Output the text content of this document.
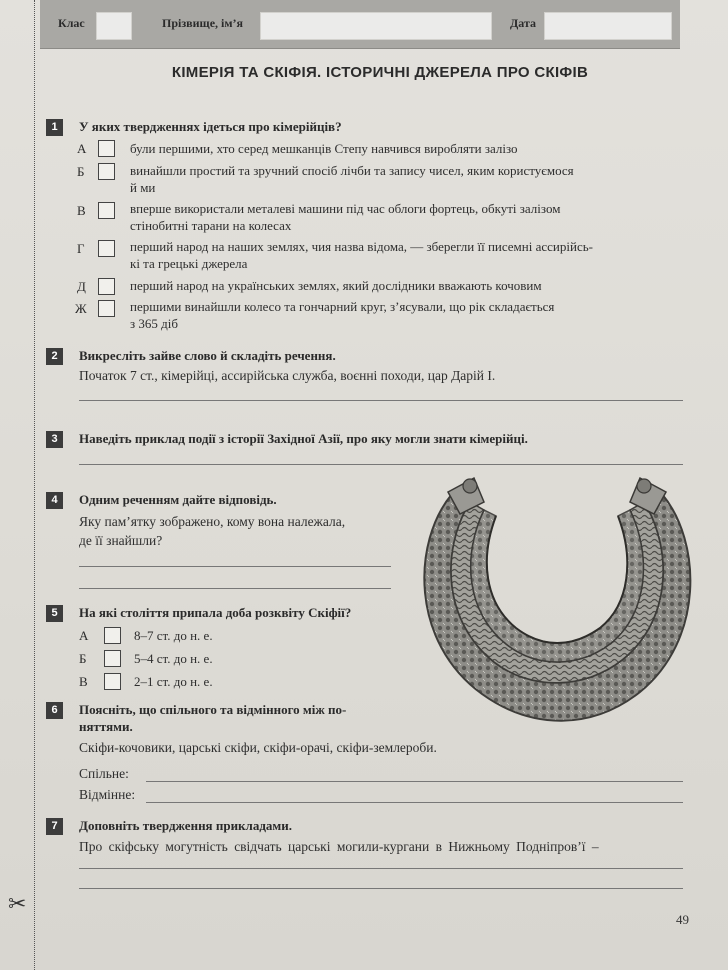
✂
Клас	Прізвище, ім’я	Дата
КІМЕРІЯ ТА СКІФІЯ. ІСТОРИЧНІ ДЖЕРЕЛА ПРО СКІФІВ
1	У яких твердженнях ідеться про кімерійців?
А	були першими, хто серед мешканців Степу навчився виробляти залізо
Б	винайшли простий та зручний спосіб лічби та запису чисел, яким користуємося
й ми
В	вперше використали металеві машини під час облоги фортець, обкуті залізом
стінобитні тарани на колесах
Г	перший народ на наших землях, чия назва відома, — зберегли її писемні ассирійсь-
кі та грецькі джерела
Д	перший народ на українських землях, який дослідники вважають кочовим
Ж	першими винайшли колесо та гончарний круг, з’ясували, що рік складається
з 365 діб
2	Викресліть зайве слово й складіть речення.
Початок 7 ст., кімерійці, ассирійська служба, воєнні походи, цар Дарій І.
3	Наведіть приклад події з історії Західної Азії, про яку могли знати кімерійці.
4	Одним реченням дайте відповідь.
Яку пам’ятку зображено, кому вона належала,
де її знайшли?
5	На які століття припала доба розквіту Скіфії?
А	8–7 ст. до н. е.
Б	5–4 ст. до н. е.
В	2–1 ст. до н. е.
6	Поясніть, що спільного та відмінного між по-
няттями.
Скіфи-кочовики, царські скіфи, скіфи-орачі, скіфи-землероби.
Спільне:
Відмінне:
7	Доповніть твердження прикладами.
Про скіфську могутність свідчать царські могили-кургани в Нижньому Подніпров’ї –
49
